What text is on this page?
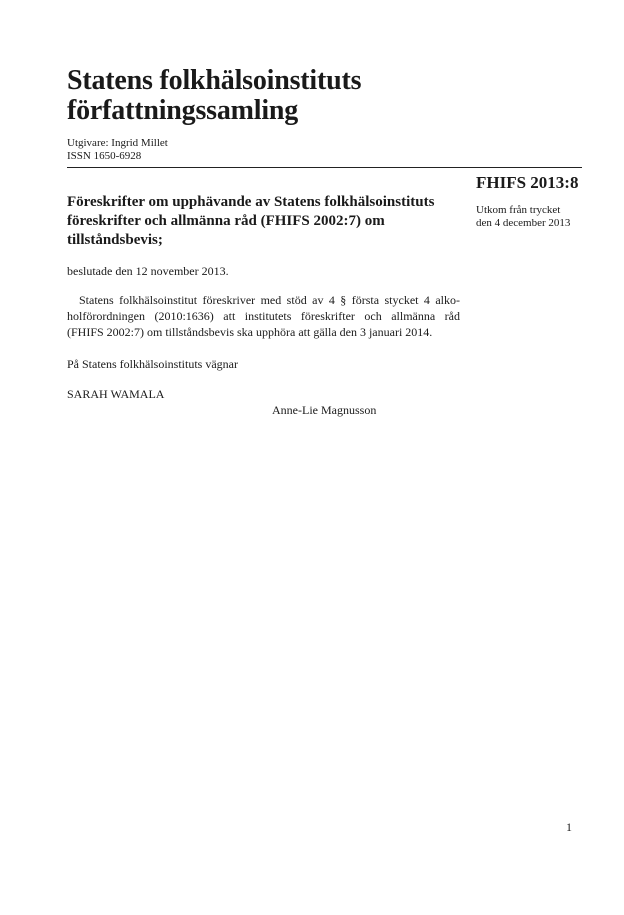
Statens folkhälsoinstituts
författningssamling
Utgivare: Ingrid Millet
ISSN 1650-6928
FHIFS 2013:8
Utkom från trycket
den 4 december 2013
Föreskrifter om upphävande av Statens folkhälsoinstituts
föreskrifter och allmänna råd (FHIFS 2002:7) om
tillståndsbevis;

beslutade den 12 november 2013.

Statens folkhälsoinstitut föreskriver med stöd av 4 § första stycket 4 alko-
holförordningen (2010:1636) att institutets föreskrifter och allmänna råd
(FHIFS 2002:7) om tillståndsbevis ska upphöra att gälla den 3 januari 2014.

På Statens folkhälsoinstituts vägnar

SARAH WAMALA

Anne-Lie Magnusson

1
